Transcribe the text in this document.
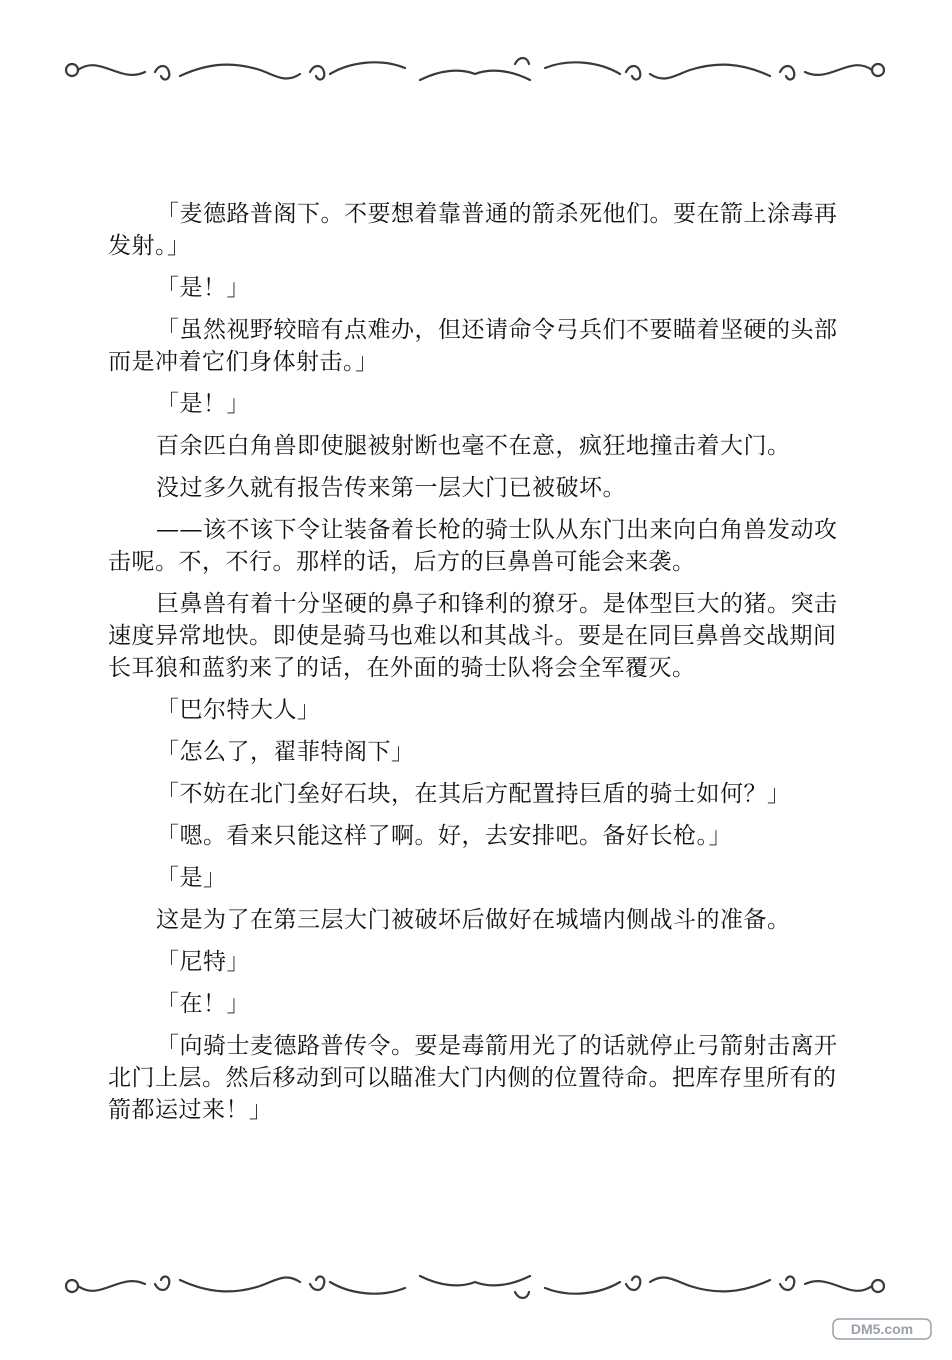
「麦德路普阁下。不要想着靠普通的箭杀死他们。要在箭上涂毒再发射。」

「是！」

「虽然视野较暗有点难办，但还请命令弓兵们不要瞄着坚硬的头部而是冲着它们身体射击。」

「是！」

百余匹白角兽即使腿被射断也毫不在意，疯狂地撞击着大门。

没过多久就有报告传来第一层大门已被破坏。

——该不该下令让装备着长枪的骑士队从东门出来向白角兽发动攻击呢。不，不行。那样的话，后方的巨鼻兽可能会来袭。

巨鼻兽有着十分坚硬的鼻子和锋利的獠牙。是体型巨大的猪。突击速度异常地快。即使是骑马也难以和其战斗。要是在同巨鼻兽交战期间长耳狼和蓝豹来了的话，在外面的骑士队将会全军覆灭。

「巴尔特大人」

「怎么了，翟菲特阁下」

「不妨在北门垒好石块，在其后方配置持巨盾的骑士如何？」

「嗯。看来只能这样了啊。好，去安排吧。备好长枪。」

「是」

这是为了在第三层大门被破坏后做好在城墙内侧战斗的准备。

「尼特」

「在！」

「向骑士麦德路普传令。要是毒箭用光了的话就停止弓箭射击离开北门上层。然后移动到可以瞄准大门内侧的位置待命。把库存里所有的箭都运过来！」

DM5.com
